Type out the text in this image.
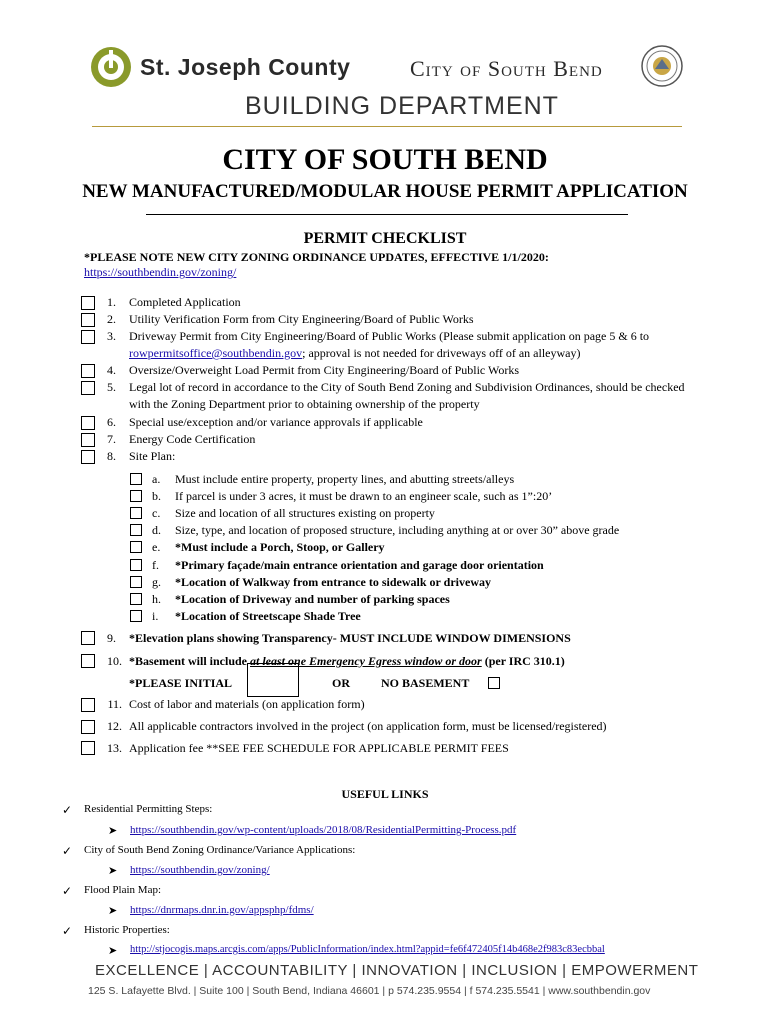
St. Joseph County	City of South Bend
BUILDING DEPARTMENT
CITY OF SOUTH BEND
NEW MANUFACTURED/MODULAR HOUSE PERMIT APPLICATION
PERMIT CHECKLIST
*PLEASE NOTE NEW CITY ZONING ORDINANCE UPDATES, EFFECTIVE 1/1/2020:
https://southbendin.gov/zoning/
1. Completed Application
2. Utility Verification Form from City Engineering/Board of Public Works
3. Driveway Permit from City Engineering/Board of Public Works (Please submit application on page 5 & 6 to
rowpermitsoffice@southbendin.gov; approval is not needed for driveways off of an alleyway)
4. Oversize/Overweight Load Permit from City Engineering/Board of Public Works
5. Legal lot of record in accordance to the City of South Bend Zoning and Subdivision Ordinances, should be checked
with the Zoning Department prior to obtaining ownership of the property
6. Special use/exception and/or variance approvals if applicable
7. Energy Code Certification
8. Site Plan:
a. Must include entire property, property lines, and abutting streets/alleys
b. If parcel is under 3 acres, it must be drawn to an engineer scale, such as 1”:20’
c. Size and location of all structures existing on property
d. Size, type, and location of proposed structure, including anything at or over 30” above grade
e. *Must include a Porch, Stoop, or Gallery
f. *Primary façade/main entrance orientation and garage door orientation
g. *Location of Walkway from entrance to sidewalk or driveway
h. *Location of Driveway and number of parking spaces
i. *Location of Streetscape Shade Tree
9. *Elevation plans showing Transparency- MUST INCLUDE WINDOW DIMENSIONS
10. *Basement will include at least one Emergency Egress window or door (per IRC 310.1)
*PLEASE INITIAL	OR	NO BASEMENT
11. Cost of labor and materials (on application form)
12. All applicable contractors involved in the project (on application form, must be licensed/registered)
13. Application fee **SEE FEE SCHEDULE FOR APPLICABLE PERMIT FEES
USEFUL LINKS
✓ Residential Permitting Steps:
➤ https://southbendin.gov/wp-content/uploads/2018/08/ResidentialPermitting-Process.pdf
✓ City of South Bend Zoning Ordinance/Variance Applications:
➤ https://southbendin.gov/zoning/
✓ Flood Plain Map:
➤ https://dnrmaps.dnr.in.gov/appsphp/fdms/
✓ Historic Properties:
➤ http://stjocogis.maps.arcgis.com/apps/PublicInformation/index.html?appid=fe6f472405f14b468e2f983c83ecbbal
EXCELLENCE | ACCOUNTABILITY | INNOVATION | INCLUSION | EMPOWERMENT
125 S. Lafayette Blvd. | Suite 100 | South Bend, Indiana 46601 | p 574.235.9554 | f 574.235.5541 | www.southbendin.gov
